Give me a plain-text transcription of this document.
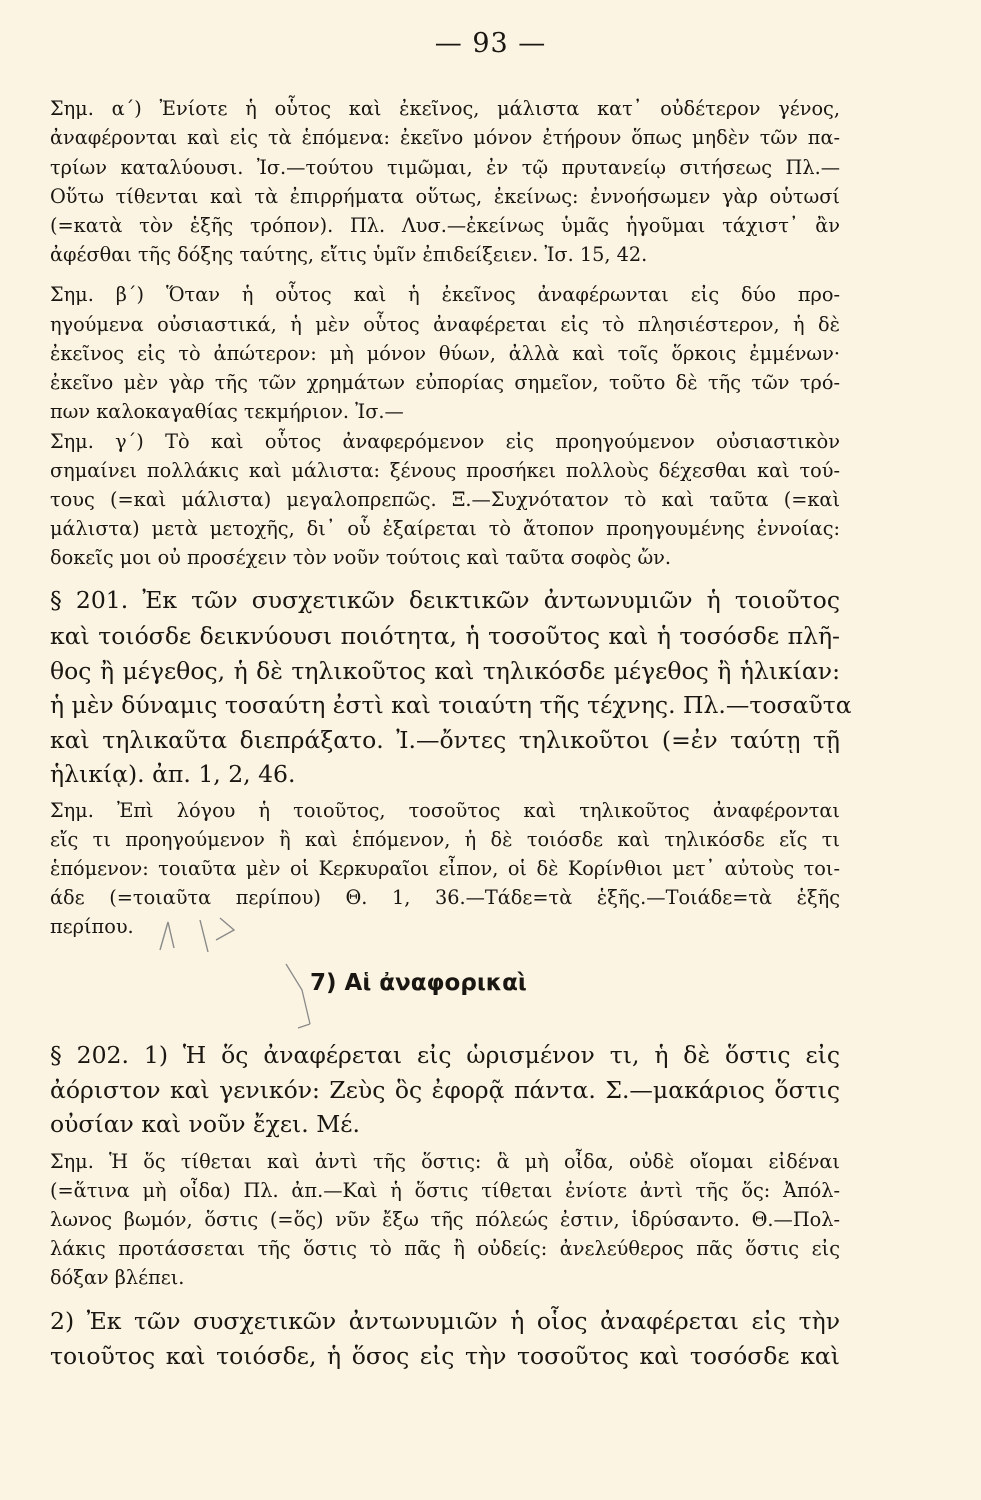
— 93 —
Σημ. α΄) Ἐνίοτε ἡ οὗτος καὶ ἐκεῖνος, μάλιστα κατ᾽ οὐδέτερον γένος,
ἀναφέρονται καὶ εἰς τὰ ἑπόμενα: ἐκεῖνο μόνον ἐτήρουν ὅπως μηδὲν τῶν πα-
τρίων καταλύουσι. Ἰσ.—τούτου τιμῶμαι, ἐν τῷ πρυτανείῳ σιτήσεως Πλ.—
Οὕτω τίθενται καὶ τὰ ἐπιρρήματα οὕτως, ἐκείνως: ἐννοήσωμεν γὰρ οὑτωσί
(=κατὰ τὸν ἑξῆς τρόπον). Πλ. Λυσ.—ἐκείνως ὑμᾶς ἡγοῦμαι τάχιστ᾽ ἂν
ἀφέσθαι τῆς δόξης ταύτης, εἴτις ὑμῖν ἐπιδείξειεν. Ἰσ. 15, 42.
Σημ. β΄) Ὅταν ἡ οὗτος καὶ ἡ ἐκεῖνος ἀναφέρωνται εἰς δύο προ-
ηγούμενα οὐσιαστικά, ἡ μὲν οὗτος ἀναφέρεται εἰς τὸ πλησιέστερον, ἡ δὲ
ἐκεῖνος εἰς τὸ ἀπώτερον: μὴ μόνον θύων, ἀλλὰ καὶ τοῖς ὅρκοις ἐμμένων·
ἐκεῖνο μὲν γὰρ τῆς τῶν χρημάτων εὐπορίας σημεῖον, τοῦτο δὲ τῆς τῶν τρό-
πων καλοκαγαθίας τεκμήριον. Ἰσ.—
Σημ. γ΄) Τὸ καὶ οὗτος ἀναφερόμενον εἰς προηγούμενον οὐσιαστικὸν
σημαίνει πολλάκις καὶ μάλιστα: ξένους προσήκει πολλοὺς δέχεσθαι καὶ τού-
τους (=καὶ μάλιστα) μεγαλοπρεπῶς. Ξ.—Συχνότατον τὸ καὶ ταῦτα (=καὶ
μάλιστα) μετὰ μετοχῆς, δι᾽ οὗ ἐξαίρεται τὸ ἄτοπον προηγουμένης ἐννοίας:
δοκεῖς μοι οὐ προσέχειν τὸν νοῦν τούτοις καὶ ταῦτα σοφὸς ὤν.
§ 201. Ἐκ τῶν συσχετικῶν δεικτικῶν ἀντωνυμιῶν ἡ τοιοῦτος
καὶ τοιόσδε δεικνύουσι ποιότητα, ἡ τοσοῦτος καὶ ἡ τοσόσδε πλῆ-
θος ἢ μέγεθος, ἡ δὲ τηλικοῦτος καὶ τηλικόσδε μέγεθος ἢ ἡλικίαν:
ἡ μὲν δύναμις τοσαύτη ἐστὶ καὶ τοιαύτη τῆς τέχνης. Πλ.—τοσαῦτα
καὶ τηλικαῦτα διεπράξατο. Ἰ.—ὄντες τηλικοῦτοι (=ἐν ταύτῃ τῇ
ἡλικίᾳ). ἀπ. 1, 2, 46.
Σημ. Ἐπὶ λόγου ἡ τοιοῦτος, τοσοῦτος καὶ τηλικοῦτος ἀναφέρονται
εἴς τι προηγούμενον ἢ καὶ ἑπόμενον, ἡ δὲ τοιόσδε καὶ τηλικόσδε εἴς τι
ἑπόμενον: τοιαῦτα μὲν οἱ Κερκυραῖοι εἶπον, οἱ δὲ Κορίνθιοι μετ᾽ αὐτοὺς τοι-
άδε (=τοιαῦτα περίπου) Θ. 1, 36.—Τάδε=τὰ ἑξῆς.—Τοιάδε=τὰ ἑξῆς
περίπου.
7) Αἱ ἀναφορικαὶ
§ 202. 1) Ἡ ὅς ἀναφέρεται εἰς ὡρισμένον τι, ἡ δὲ ὅστις εἰς
ἀόριστον καὶ γενικόν: Ζεὺς ὃς ἐφορᾷ πάντα. Σ.—μακάριος ὅστις
οὐσίαν καὶ νοῦν ἔχει. Μέ.
Σημ. Ἡ ὅς τίθεται καὶ ἀντὶ τῆς ὅστις: ἃ μὴ οἶδα, οὐδὲ οἴομαι εἰδέναι
(=ἅτινα μὴ οἶδα) Πλ. ἀπ.—Καὶ ἡ ὅστις τίθεται ἐνίοτε ἀντὶ τῆς ὅς: Ἀπόλ-
λωνος βωμόν, ὅστις (=ὅς) νῦν ἔξω τῆς πόλεώς ἐστιν, ἱδρύσαντο. Θ.—Πολ-
λάκις προτάσσεται τῆς ὅστις τὸ πᾶς ἢ οὐδείς: ἀνελεύθερος πᾶς ὅστις εἰς
δόξαν βλέπει.
2) Ἐκ τῶν συσχετικῶν ἀντωνυμιῶν ἡ οἷος ἀναφέρεται εἰς τὴν
τοιοῦτος καὶ τοιόσδε, ἡ ὅσος εἰς τὴν τοσοῦτος καὶ τοσόσδε καὶ
